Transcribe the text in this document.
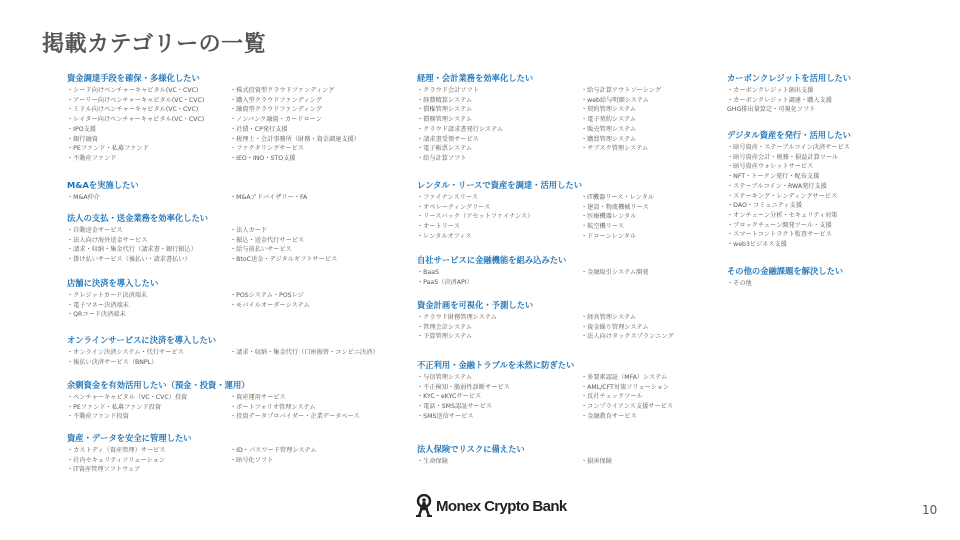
掲載カテゴリーの一覧
資金調達手段を確保・多様化したい
・シード向けベンチャーキャピタル(VC・CVC)
・アーリー向けベンチャーキャピタル(VC・CVC)
・ミドル向けベンチャーキャピタル(VC・CVC)
・レイター向けベンチャーキャピタル(VC・CVC)
・IPO支援
・銀行融資
・PEファンド・私募ファンド
・不動産ファンド
・株式投資型クラウドファンディング
・購入型クラウドファンディング
・融資型クラウドファンディング
・ノンバンク融資・カードローン
・社債・CP発行支援
・税理士・会計事務所（財務・資金調達支援）
・ファクタリングサービス
・IEO・INO・STO支援
M&Aを実施したい
・M&A仲介	・M&Aアドバイザリー・FA
法人の支払・送金業務を効率化したい
・自動送金サービス
・法人向け海外送金サービス
・請求・収納・集金代行（請求書・銀行振込）
・掛け払いサービス（後払い・請求書払い）
・法人カード
・振込・送金代行サービス
・給与前払いサービス
・BtoC送金・デジタルギフトサービス
店舗に決済を導入したい
・クレジットカード決済端末
・電子マネー決済端末
・QRコード決済端末
・POSシステム・POSレジ
・モバイルオーダーシステム
オンラインサービスに決済を導入したい
・オンライン決済システム・代行サービス
・後払い決済サービス（BNPL）
・請求・収納・集金代行（口座振替・コンビニ決済）
余剰資金を有効活用したい（預金・投資・運用）
・ベンチャーキャピタル（VC・CVC）投資
・PEファンド・私募ファンド投資
・不動産ファンド投資
・資産運用サービス
・ポートフォリオ管理システム
・投資データプロバイダー・企業データベース
資産・データを安全に管理したい
・カストディ（資産管理）サービス
・社内セキュリティソリューション
・IT資産管理ソフトウェア
・ID・パスワード管理システム
・暗号化ソフト
経理・会計業務を効率化したい
・クラウド会計ソフト
・経費精算システム
・債権管理システム
・債務管理システム
・クラウド請求書発行システム
・請求書受領サービス
・電子帳票システム
・給与計算ソフト
・給与計算アウトソーシング
・web給与明細システム
・契約管理システム
・電子契約システム
・販売管理システム
・購買管理システム
・サブスク管理システム
レンタル・リースで資産を調達・活用したい
・ファイナンスリース
・オペレーティングリース
・リースバック（アセットファイナンス）
・オートリース
・レンタルオフィス
・IT機器リース・レンタル
・建設・物流機械リース
・医療機器レンタル
・航空機リース
・ドローンレンタル
自社サービスに金融機能を組み込みたい
・BaaS
・PaaS（決済API）
・金融取引システム開発
資金計画を可視化・予測したい
・クラウド財務管理システム
・管理会計システム
・予算管理システム
・経営管理システム
・資金繰り管理システム
・法人向けタックスプランニング
不正利用・金融トラブルを未然に防ぎたい
・与信管理システム
・不正検知・脆弱性診断サービス
・KYC・eKYCサービス
・電話・SMS認証サービス
・SMS送信サービス
・多要素認証（MFA）システム
・AML/CFT対策ソリューション
・反社チェックツール
・コンプライアンス支援サービス
・金融教育サービス
法人保険でリスクに備えたい
・生命保険	・損害保険
カーボンクレジットを活用したい
・カーボンクレジット創出支援
・カーボンクレジット調達・購入支援
GHG排出量算定・可視化ソフト
デジタル資産を発行・活用したい
・暗号資産・ステーブルコイン決済サービス
・暗号資産会計・税務・損益計算ツール
・暗号資産ウォレットサービス
・NFT・トークン発行・配布支援
・ステーブルコイン・RWA発行支援
・ステーキング・レンディングサービス
・DAO・コミュニティ支援
・オンチェーン分析・セキュリティ対策
・ブロックチェーン開発ツール・支援
・スマートコントラクト監査サービス
・web3ビジネス支援
その他の金融課題を解決したい
・その他
Monex Crypto Bank	10
